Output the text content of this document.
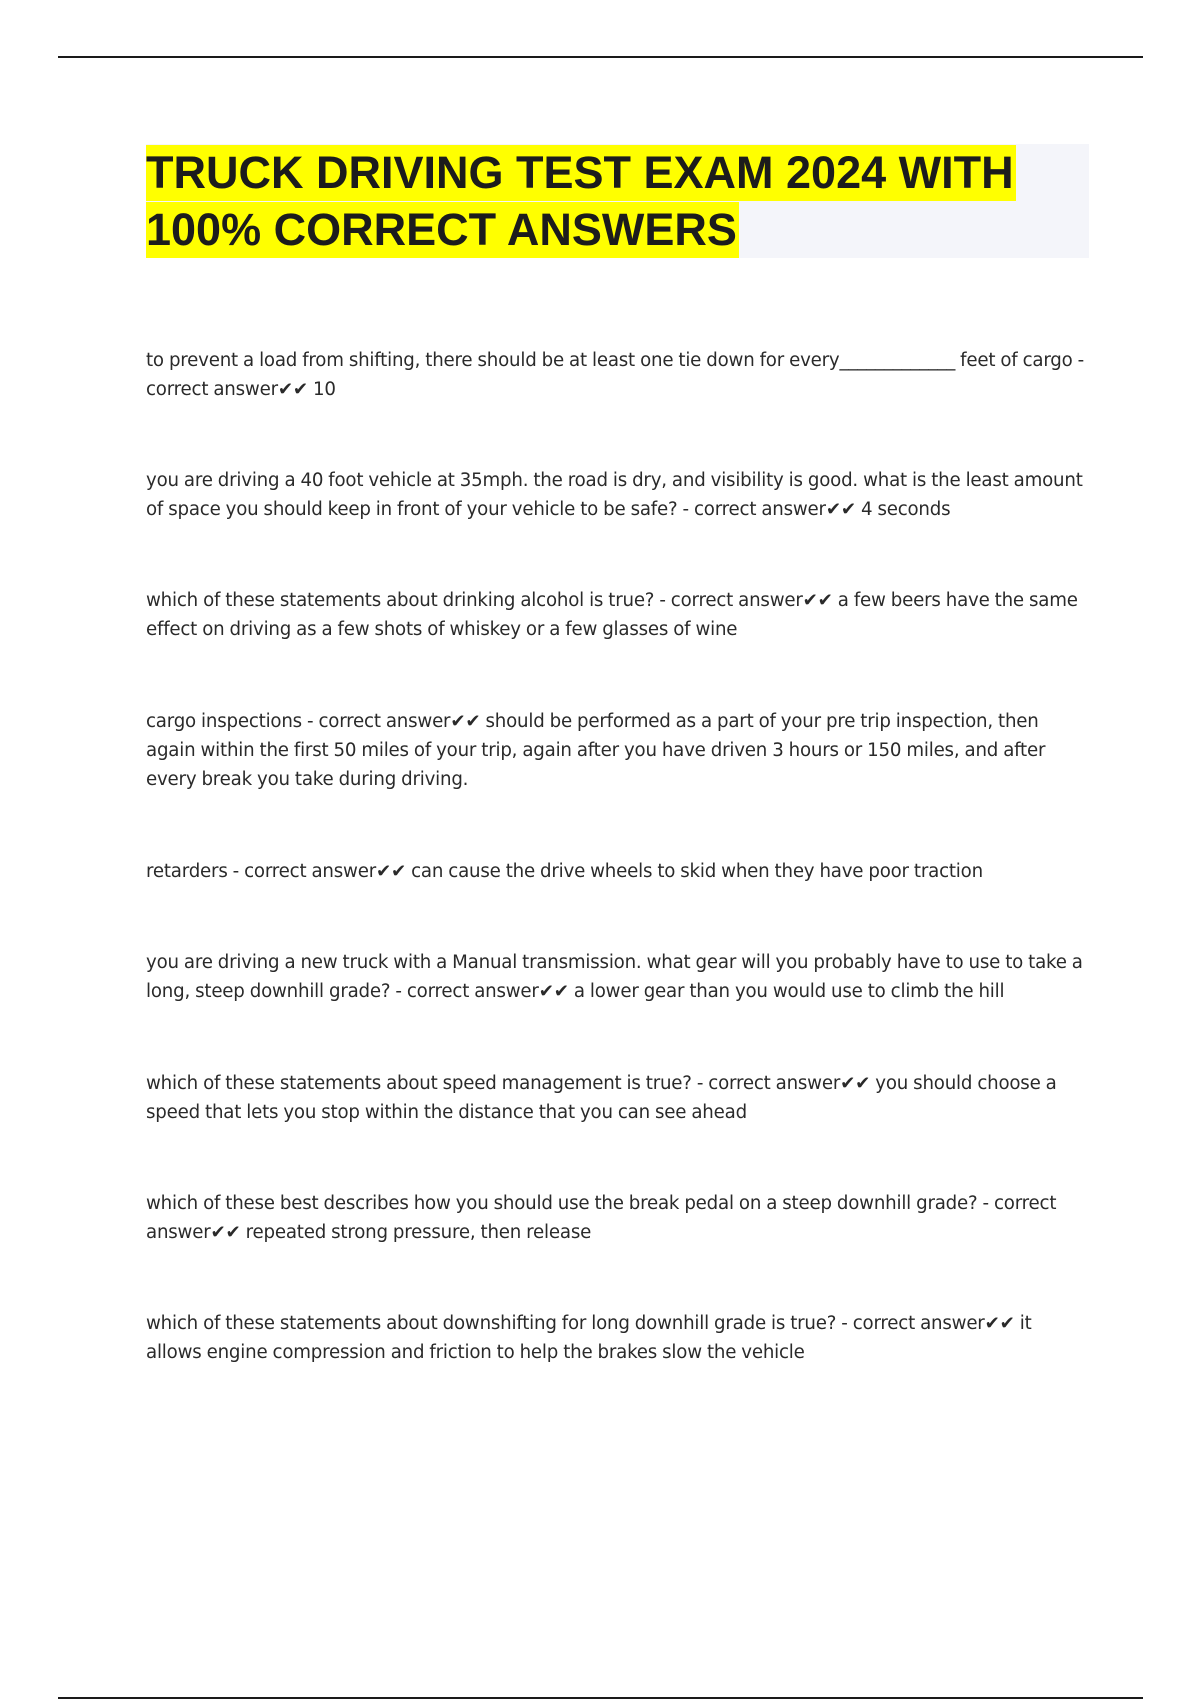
TRUCK DRIVING TEST EXAM 2024 WITH 100% CORRECT ANSWERS

to prevent a load from shifting, there should be at least one tie down for every_____________ feet of cargo - correct answer✔✔ 10

you are driving a 40 foot vehicle at 35mph. the road is dry, and visibility is good. what is the least amount of space you should keep in front of your vehicle to be safe? - correct answer✔✔ 4 seconds

which of these statements about drinking alcohol is true? - correct answer✔✔ a few beers have the same effect on driving as a few shots of whiskey or a few glasses of wine

cargo inspections - correct answer✔✔ should be performed as a part of your pre trip inspection, then again within the first 50 miles of your trip, again after you have driven 3 hours or 150 miles, and after every break you take during driving.

retarders - correct answer✔✔ can cause the drive wheels to skid when they have poor traction

you are driving a new truck with a Manual transmission. what gear will you probably have to use to take a long, steep downhill grade? - correct answer✔✔ a lower gear than you would use to climb the hill

which of these statements about speed management is true? - correct answer✔✔ you should choose a speed that lets you stop within the distance that you can see ahead

which of these best describes how you should use the break pedal on a steep downhill grade? - correct answer✔✔ repeated strong pressure, then release

which of these statements about downshifting for long downhill grade is true? - correct answer✔✔ it allows engine compression and friction to help the brakes slow the vehicle
